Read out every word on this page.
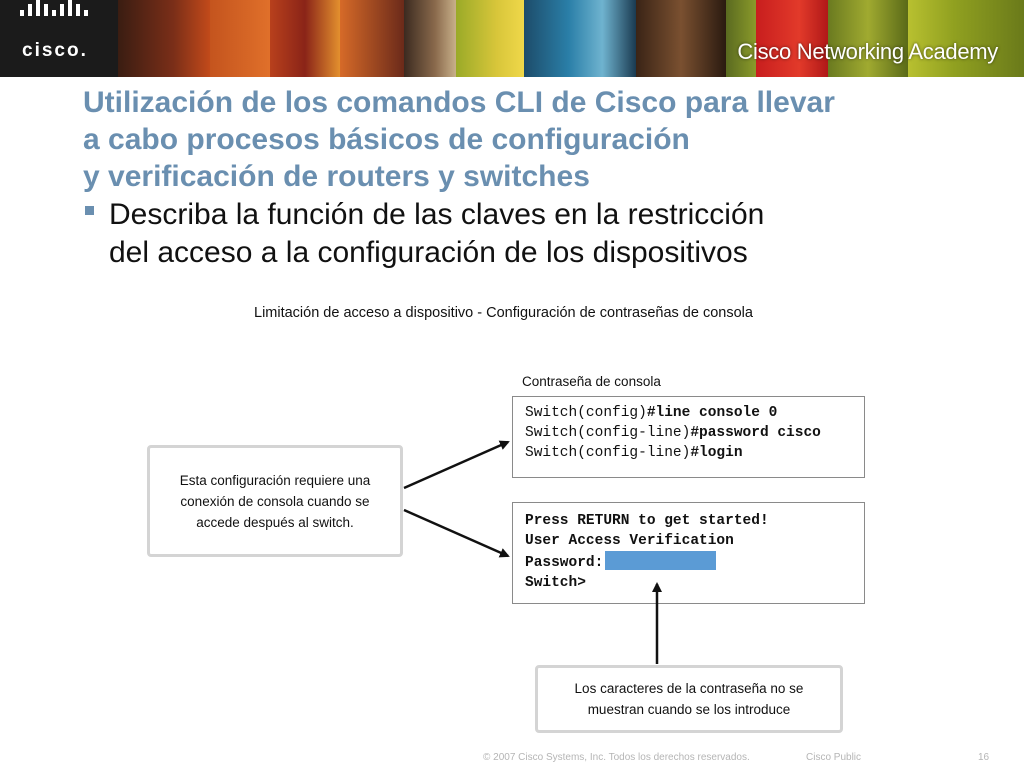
cisco.	Cisco Networking Academy
Utilización de los comandos CLI de Cisco para llevar
a cabo procesos básicos de configuración
y verificación de routers y switches
Describa la función de las claves en la restricción
del acceso a la configuración de los dispositivos
Limitación de acceso a dispositivo - Configuración de contraseñas de consola
Contraseña de consola
Switch(config)#line console 0
Switch(config-line)#password cisco
Switch(config-line)#login
Press RETURN to get started!
User Access Verification
Password:
Switch>
Esta configuración requiere una
conexión de consola cuando se
accede después al switch.
Los caracteres de la contraseña no se
muestran cuando se los introduce
© 2007 Cisco Systems, Inc. Todos los derechos reservados.	Cisco Public	16
